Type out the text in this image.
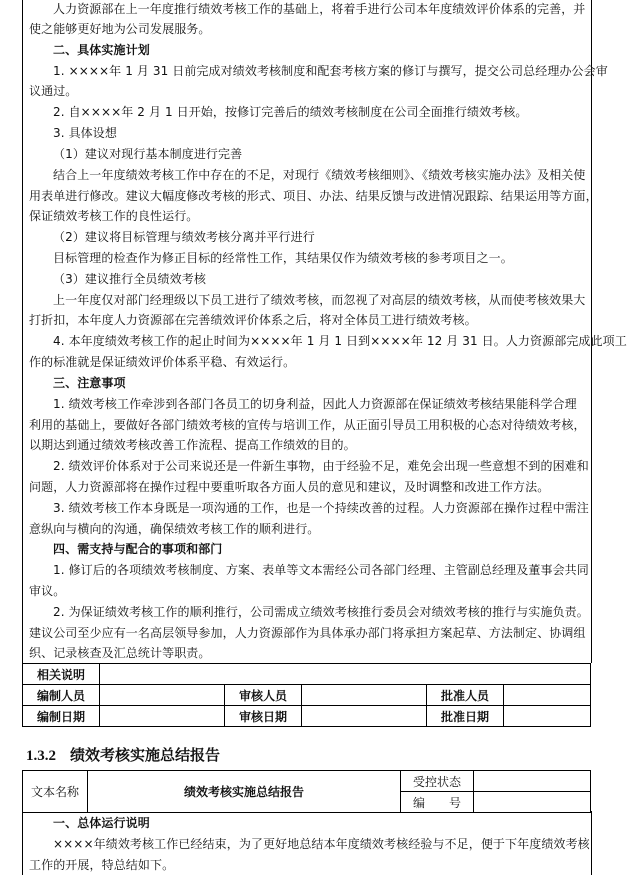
人力资源部在上一年度推行绩效考核工作的基础上，将着手进行公司本年度绩效评价体系的完善，并
使之能够更好地为公司发展服务。
二、具体实施计划
1. ××××年 1 月 31 日前完成对绩效考核制度和配套考核方案的修订与撰写，提交公司总经理办公会审
议通过。
2. 自××××年 2 月 1 日开始，按修订完善后的绩效考核制度在公司全面推行绩效考核。
3. 具体设想
（1）建议对现行基本制度进行完善
结合上一年度绩效考核工作中存在的不足，对现行《绩效考核细则》、《绩效考核实施办法》及相关使
用表单进行修改。建议大幅度修改考核的形式、项目、办法、结果反馈与改进情况跟踪、结果运用等方面，
保证绩效考核工作的良性运行。
（2）建议将目标管理与绩效考核分离并平行进行
目标管理的检查作为修正目标的经常性工作，其结果仅作为绩效考核的参考项目之一。
（3）建议推行全员绩效考核
上一年度仅对部门经理级以下员工进行了绩效考核，而忽视了对高层的绩效考核，从而使考核效果大
打折扣，本年度人力资源部在完善绩效评价体系之后，将对全体员工进行绩效考核。
4. 本年度绩效考核工作的起止时间为××××年 1 月 1 日到××××年 12 月 31 日。人力资源部完成此项工
作的标准就是保证绩效评价体系平稳、有效运行。
三、注意事项
1. 绩效考核工作牵涉到各部门各员工的切身利益，因此人力资源部在保证绩效考核结果能科学合理
利用的基础上，要做好各部门绩效考核的宣传与培训工作，从正面引导员工用积极的心态对待绩效考核，
以期达到通过绩效考核改善工作流程、提高工作绩效的目的。
2. 绩效评价体系对于公司来说还是一件新生事物，由于经验不足，难免会出现一些意想不到的困难和
问题，人力资源部将在操作过程中要重听取各方面人员的意见和建议，及时调整和改进工作方法。
3. 绩效考核工作本身既是一项沟通的工作，也是一个持续改善的过程。人力资源部在操作过程中需注
意纵向与横向的沟通，确保绩效考核工作的顺利进行。
四、需支持与配合的事项和部门
1. 修订后的各项绩效考核制度、方案、表单等文本需经公司各部门经理、主管副总经理及董事会共同
审议。
2. 为保证绩效考核工作的顺利推行，公司需成立绩效考核推行委员会对绩效考核的推行与实施负责。
建议公司至少应有一名高层领导参加，人力资源部作为具体承办部门将承担方案起草、方法制定、协调组
织、记录核查及汇总统计等职责。
相关说明					
编制人员		审核人员		批准人员	
编制日期		审核日期		批准日期	
1.3.2 绩效考核实施总结报告
文本名称	绩效考核实施总结报告	受控状态	
		编　　号	
一、总体运行说明
××××年绩效考核工作已经结束，为了更好地总结本年度绩效考核经验与不足，便于下年度绩效考核
工作的开展，特总结如下。
